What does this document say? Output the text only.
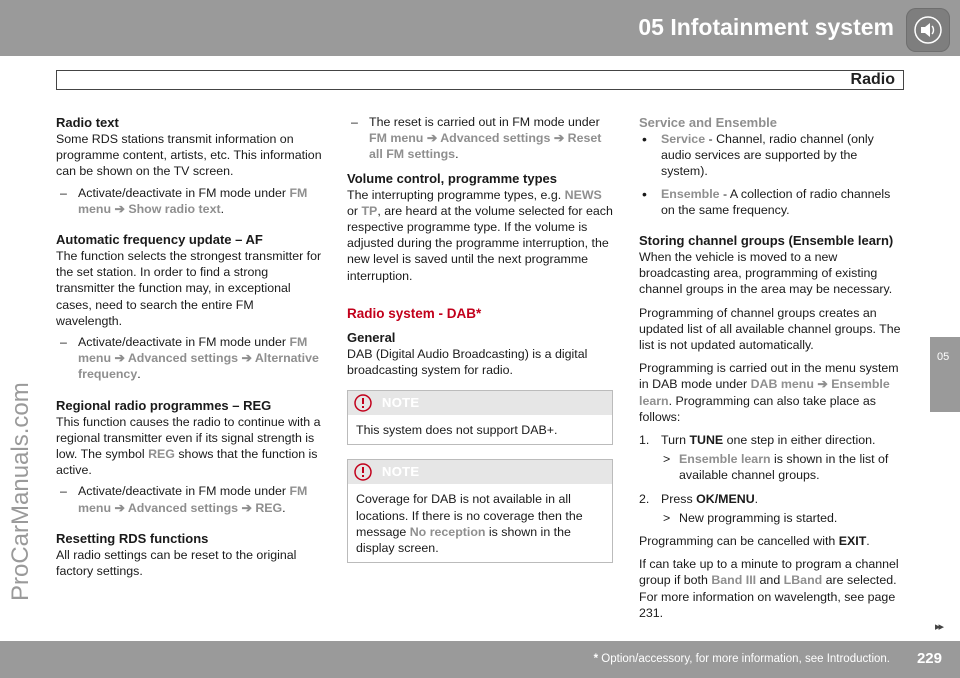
05 Infotainment system
Radio
05
ProCarManuals.com
Radio text

Some RDS stations transmit information on programme content, artists, etc. This information can be shown on the TV screen.

– Activate/deactivate in FM mode under FM menu ➔ Show radio text.
Automatic frequency update – AF

The function selects the strongest transmitter for the set station. In order to find a strong transmitter the function may, in exceptional cases, need to search the entire FM wavelength.

– Activate/deactivate in FM mode under FM menu ➔ Advanced settings ➔ Alternative frequency.
Regional radio programmes – REG

This function causes the radio to continue with a regional transmitter even if its signal strength is low. The symbol REG shows that the function is active.

– Activate/deactivate in FM mode under FM menu ➔ Advanced settings ➔ REG.
Resetting RDS functions

All radio settings can be reset to the original factory settings.

– The reset is carried out in FM mode under FM menu ➔ Advanced settings ➔ Reset all FM settings.
Volume control, programme types

The interrupting programme types, e.g. NEWS or TP, are heard at the volume selected for each respective programme type. If the volume is adjusted during the programme interruption, the new level is saved until the next programme interruption.

Radio system - DAB*
General

DAB (Digital Audio Broadcasting) is a digital broadcasting system for radio.

NOTE
This system does not support DAB+.
NOTE
Coverage for DAB is not available in all locations. If there is no coverage then the message No reception is shown in the display screen.
Service and Ensemble
• Service - Channel, radio channel (only audio services are supported by the system).
• Ensemble - A collection of radio channels on the same frequency.
Storing channel groups (Ensemble learn)

When the vehicle is moved to a new broadcasting area, programming of existing channel groups in the area may be necessary.

Programming of channel groups creates an updated list of all available channel groups. The list is not updated automatically.

Programming is carried out in the menu system in DAB mode under DAB menu ➔ Ensemble learn. Programming can also take place as follows:

1. Turn TUNE one step in either direction.
> Ensemble learn is shown in the list of available channel groups.
2. Press OK/MENU.
> New programming is started.

Programming can be cancelled with EXIT.

If can take up to a minute to program a channel group if both Band III and LBand are selected. For more information on wavelength, see page 231.

▸▸
* Option/accessory, for more information, see Introduction. 229
